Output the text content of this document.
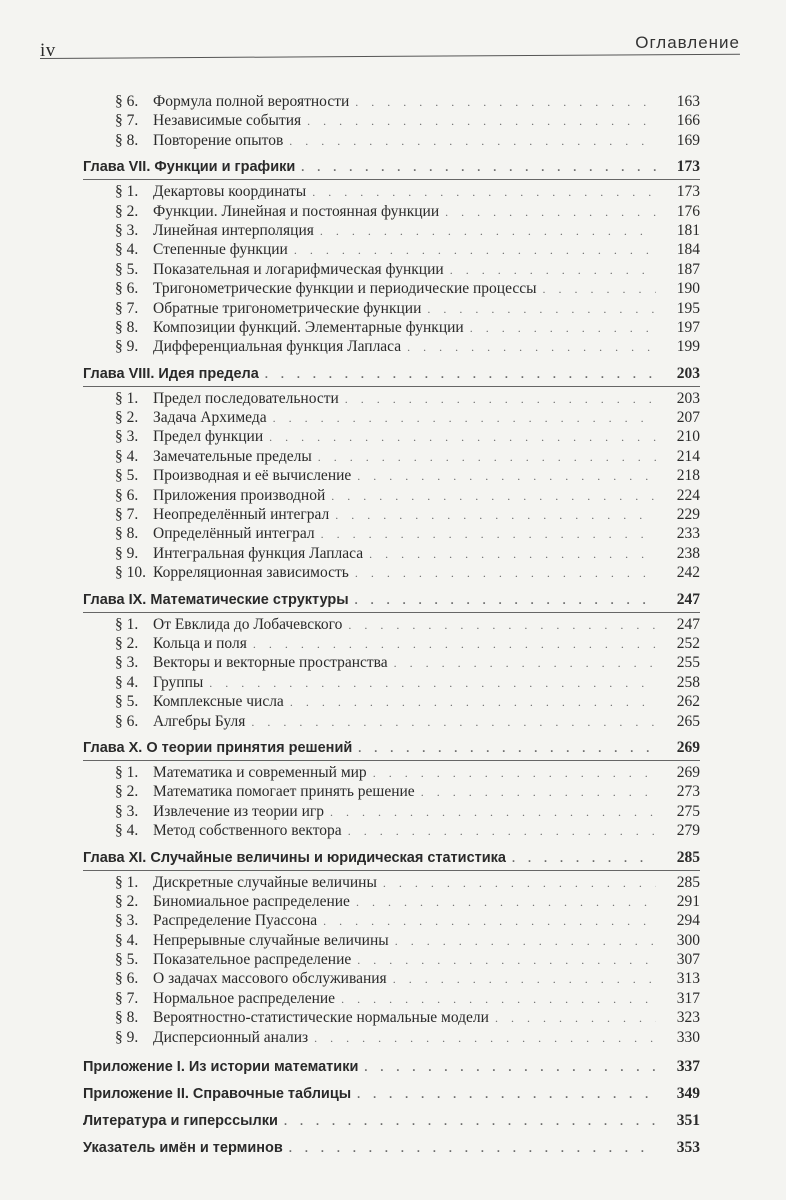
iv	Оглавление
§ 6. Формула полной вероятности . . .	163
§ 7. Независимые события . . .	166
§ 8. Повторение опытов . . .	169
Глава VII. Функции и графики . . .	173
§ 1. Декартовы координаты . . .	173
§ 2. Функции. Линейная и постоянная функции . . .	176
§ 3. Линейная интерполяция . . .	181
§ 4. Степенные функции . . .	184
§ 5. Показательная и логарифмическая функции . . .	187
§ 6. Тригонометрические функции и периодические процессы . . .	190
§ 7. Обратные тригонометрические функции . . .	195
§ 8. Композиции функций. Элементарные функции . . .	197
§ 9. Дифференциальная функция Лапласа . . .	199
Глава VIII. Идея предела . . .	203
§ 1. Предел последовательности . . .	203
§ 2. Задача Архимеда . . .	207
§ 3. Предел функции . . .	210
§ 4. Замечательные пределы . . .	214
§ 5. Производная и её вычисление . . .	218
§ 6. Приложения производной . . .	224
§ 7. Неопределённый интеграл . . .	229
§ 8. Определённый интеграл . . .	233
§ 9. Интегральная функция Лапласа . . .	238
§ 10. Корреляционная зависимость . . .	242
Глава IX. Математические структуры . . .	247
§ 1. От Евклида до Лобачевского . . .	247
§ 2. Кольца и поля . . .	252
§ 3. Векторы и векторные пространства . . .	255
§ 4. Группы . . .	258
§ 5. Комплексные числа . . .	262
§ 6. Алгебры Буля . . .	265
Глава X. О теории принятия решений . . .	269
§ 1. Математика и современный мир . . .	269
§ 2. Математика помогает принять решение . . .	273
§ 3. Извлечение из теории игр . . .	275
§ 4. Метод собственного вектора . . .	279
Глава XI. Случайные величины и юридическая статистика . . .	285
§ 1. Дискретные случайные величины . . .	285
§ 2. Биномиальное распределение . . .	291
§ 3. Распределение Пуассона . . .	294
§ 4. Непрерывные случайные величины . . .	300
§ 5. Показательное распределение . . .	307
§ 6. О задачах массового обслуживания . . .	313
§ 7. Нормальное распределение . . .	317
§ 8. Вероятностно-статистические нормальные модели . . .	323
§ 9. Дисперсионный анализ . . .	330
Приложение I. Из истории математики . . .	337
Приложение II. Справочные таблицы . . .	349
Литература и гиперссылки . . .	351
Указатель имён и терминов . . .	353
